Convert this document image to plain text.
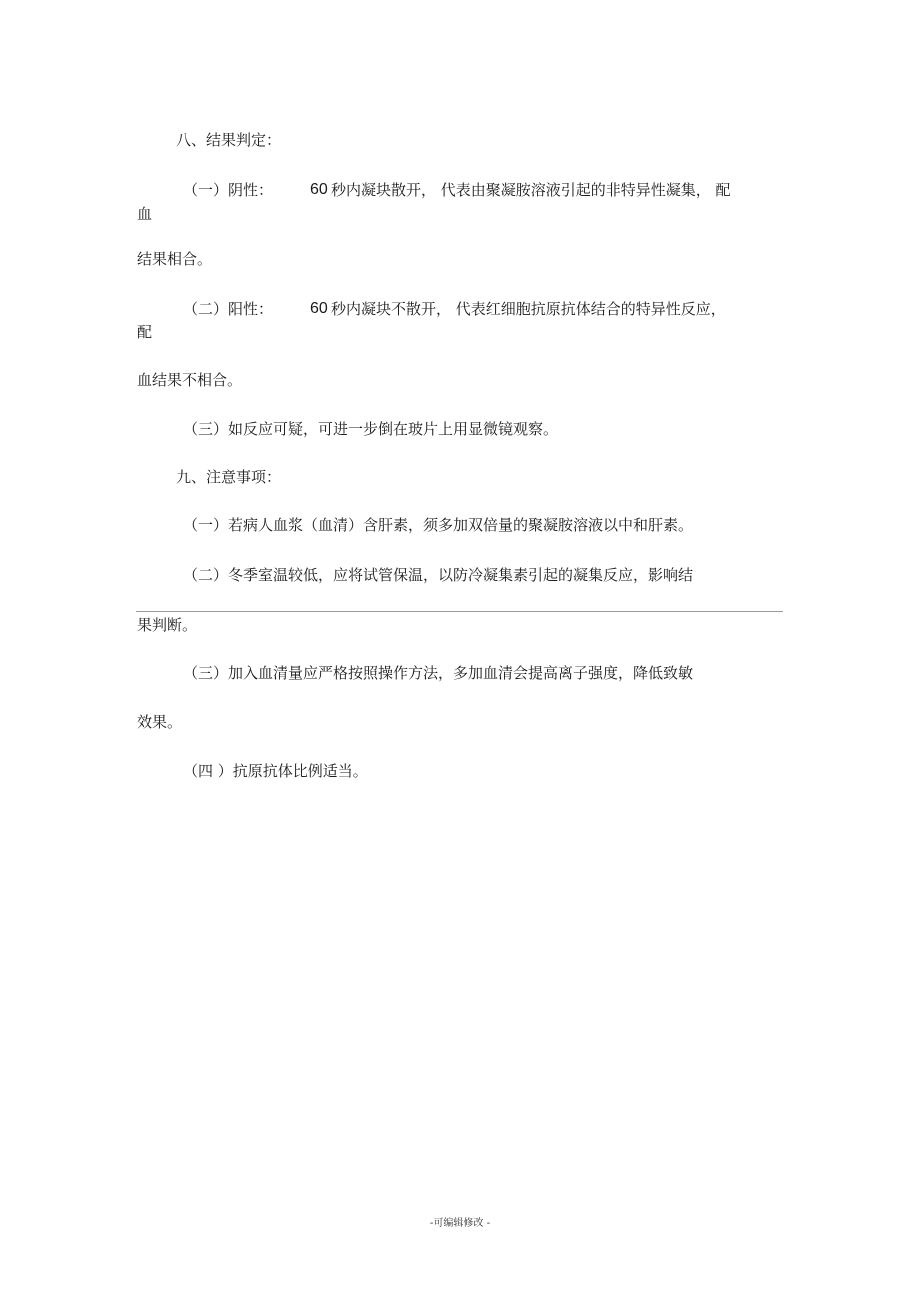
八、结果判定：
（一）阴性： 60 秒内凝块散开， 代表由聚凝胺溶液引起的非特异性凝集， 配
血
结果相合。
（二）阳性： 60 秒内凝块不散开， 代表红细胞抗原抗体结合的特异性反应，
配
血结果不相合。
（三）如反应可疑，可进一步倒在玻片上用显微镜观察。
九、注意事项：
（一）若病人血浆（血清）含肝素，须多加双倍量的聚凝胺溶液以中和肝素。
（二）冬季室温较低，应将试管保温，以防冷凝集素引起的凝集反应，影响结
果判断。
（三）加入血清量应严格按照操作方法，多加血清会提高离子强度，降低致敏
效果。
（四 ）抗原抗体比例适当。
-可编辑修改 -
